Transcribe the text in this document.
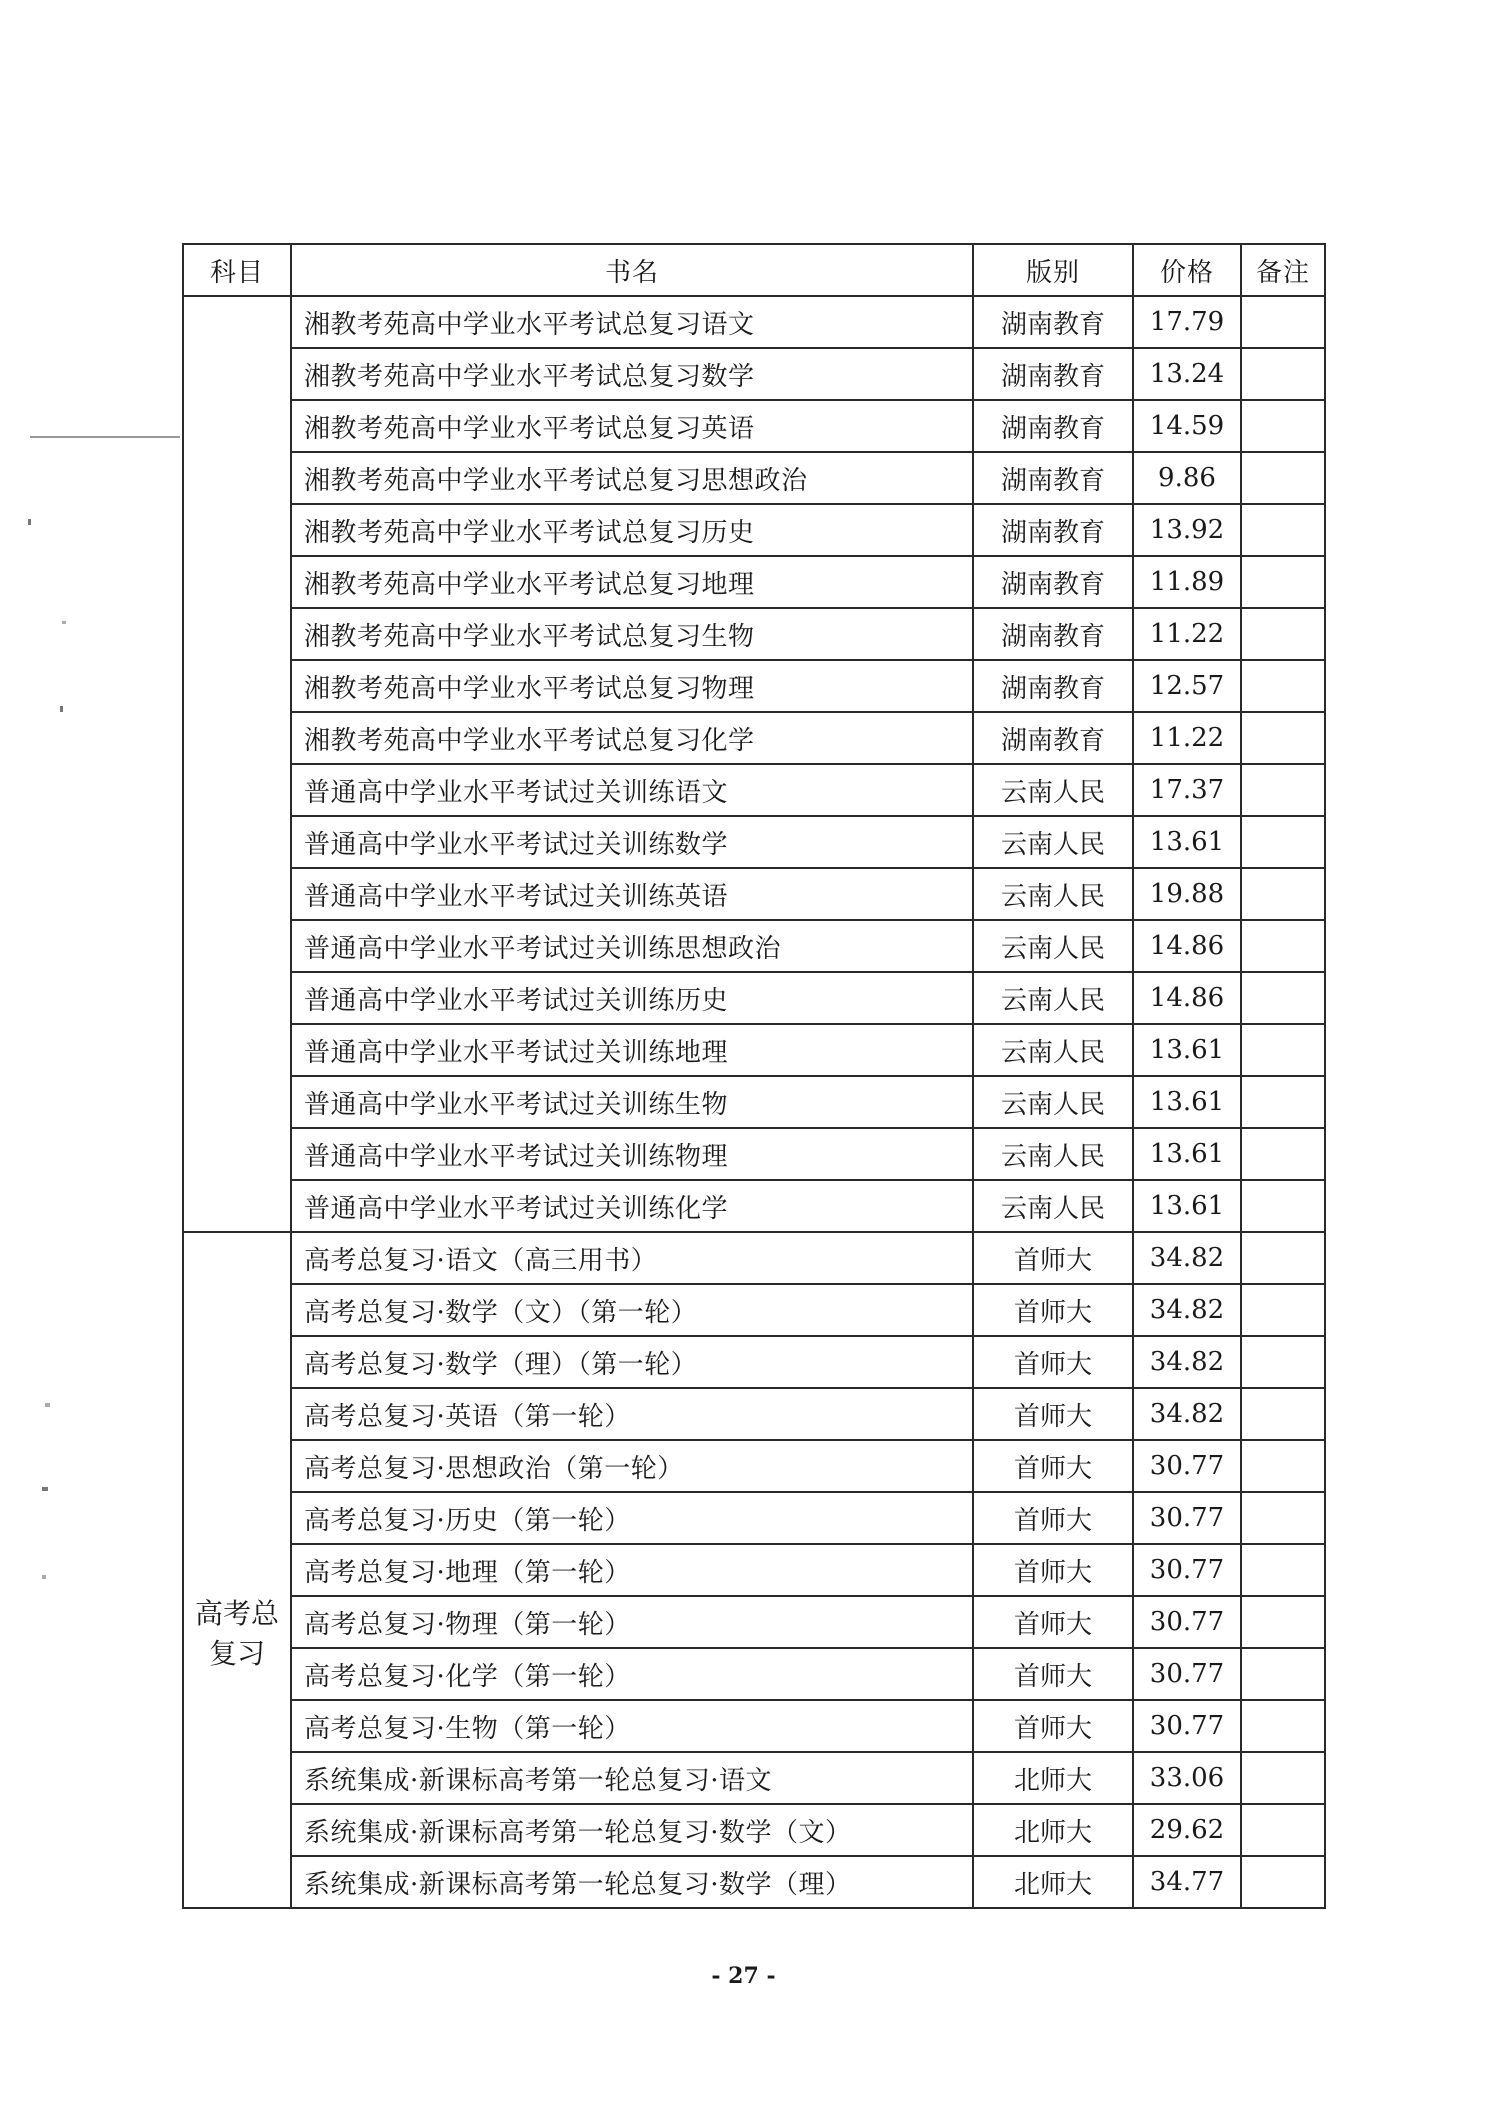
科目	书名	版别	价格	备注
	湘教考苑高中学业水平考试总复习语文	湖南教育	17.79	
	湘教考苑高中学业水平考试总复习数学	湖南教育	13.24	
	湘教考苑高中学业水平考试总复习英语	湖南教育	14.59	
	湘教考苑高中学业水平考试总复习思想政治	湖南教育	9.86	
	湘教考苑高中学业水平考试总复习历史	湖南教育	13.92	
	湘教考苑高中学业水平考试总复习地理	湖南教育	11.89	
	湘教考苑高中学业水平考试总复习生物	湖南教育	11.22	
	湘教考苑高中学业水平考试总复习物理	湖南教育	12.57	
	湘教考苑高中学业水平考试总复习化学	湖南教育	11.22	
	普通高中学业水平考试过关训练语文	云南人民	17.37	
	普通高中学业水平考试过关训练数学	云南人民	13.61	
	普通高中学业水平考试过关训练英语	云南人民	19.88	
	普通高中学业水平考试过关训练思想政治	云南人民	14.86	
	普通高中学业水平考试过关训练历史	云南人民	14.86	
	普通高中学业水平考试过关训练地理	云南人民	13.61	
	普通高中学业水平考试过关训练生物	云南人民	13.61	
	普通高中学业水平考试过关训练物理	云南人民	13.61	
	普通高中学业水平考试过关训练化学	云南人民	13.61	
高考总复习	高考总复习·语文（高三用书）	首师大	34.82	
	高考总复习·数学（文）（第一轮）	首师大	34.82	
	高考总复习·数学（理）（第一轮）	首师大	34.82	
	高考总复习·英语（第一轮）	首师大	34.82	
	高考总复习·思想政治（第一轮）	首师大	30.77	
	高考总复习·历史（第一轮）	首师大	30.77	
	高考总复习·地理（第一轮）	首师大	30.77	
	高考总复习·物理（第一轮）	首师大	30.77	
	高考总复习·化学（第一轮）	首师大	30.77	
	高考总复习·生物（第一轮）	首师大	30.77	
	系统集成·新课标高考第一轮总复习·语文	北师大	33.06	
	系统集成·新课标高考第一轮总复习·数学（文）	北师大	29.62	
	系统集成·新课标高考第一轮总复习·数学（理）	北师大	34.77	
- 27 -
